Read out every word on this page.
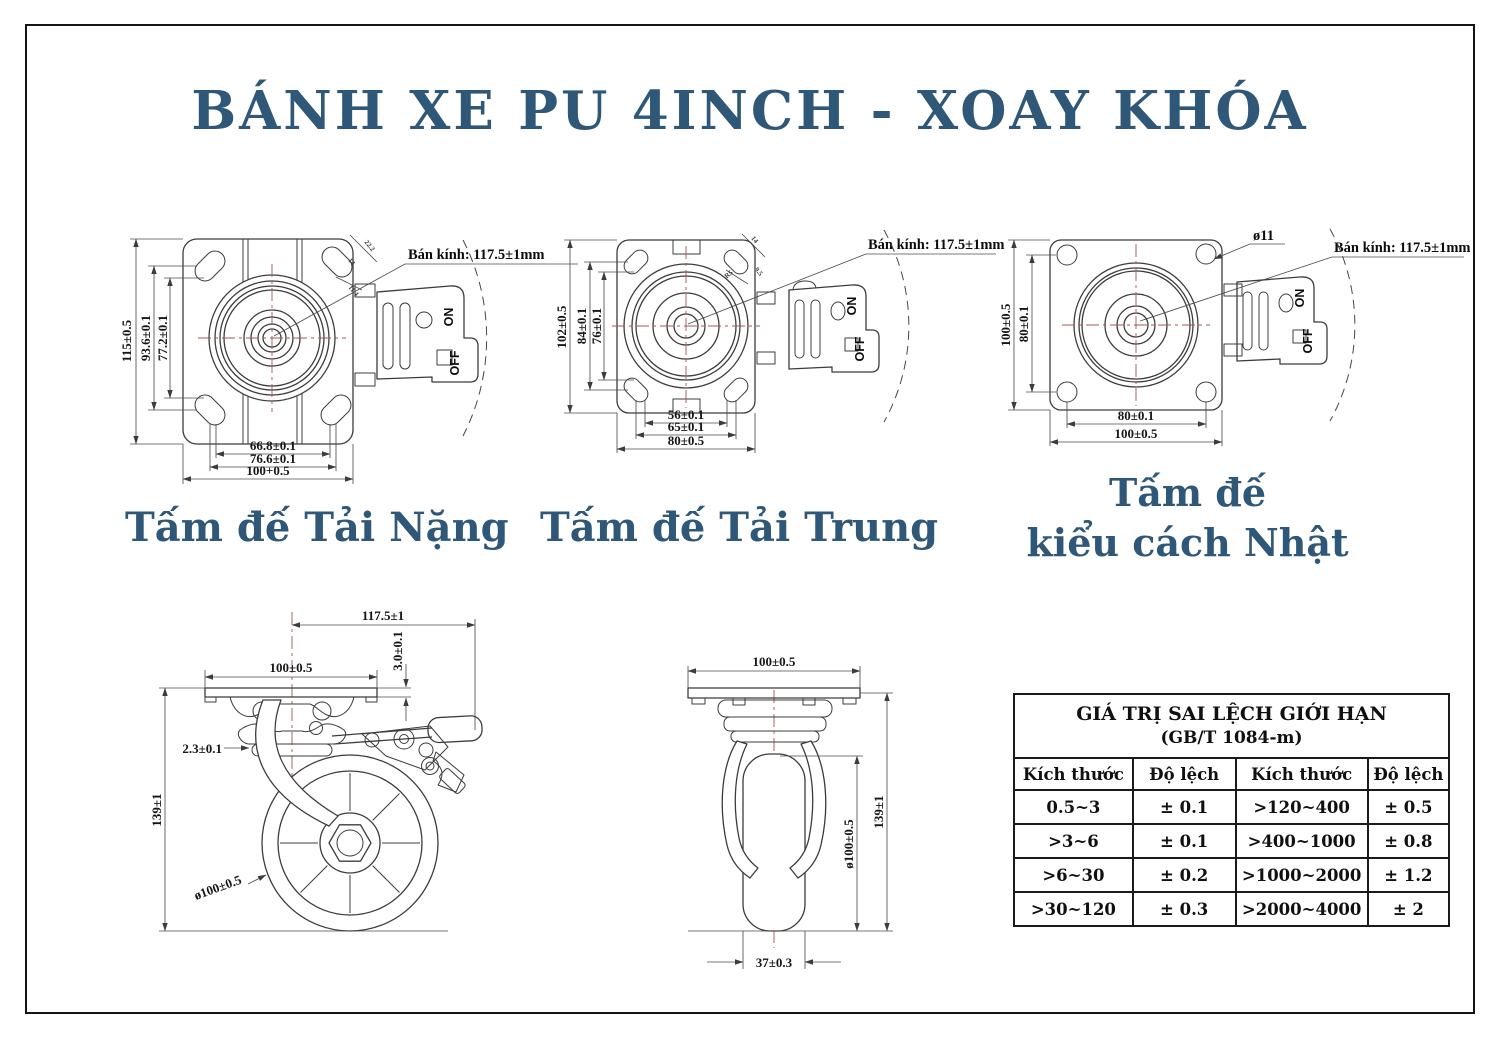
BÁNH XE PU 4INCH - XOAY KHÓA
22.2
14
11.4
115±0.5 93.6±0.1 77.2±0.1
66.8±0.1
76.6±0.1
100+0.5
Bán kính: 117.5±1mm
ON
OFF
14
9.5
R5
102±0.5 84±0.1 76±0.1
56±0.1
65±0.1
80±0.5
Bán kính: 117.5±1mm
ON
OFF
ø11
100±0.5 80±0.1
80±0.1
100±0.5
Bán kính: 117.5±1mm
ON
OFF
117.5±1
100±0.5	3.0±0.1
2.3±0.1
139±1
ø100±0.5
100±0.5
139±1
ø100±0.5
37±0.3
Tấm đế Tải Nặng Tấm đế Tải Trung
Tấm đế
kiểu cách Nhật
GIÁ TRỊ SAI LỆCH GIỚI HẠN
(GB/T 1084-m)			

Kích thước	Độ lệch	Kích thước	Độ lệch
0.5~3	± 0.1	>120~400	± 0.5
>3~6	± 0.1	>400~1000	± 0.8
>6~30	± 0.2	>1000~2000	± 1.2
>30~120	± 0.3	>2000~4000	± 2
